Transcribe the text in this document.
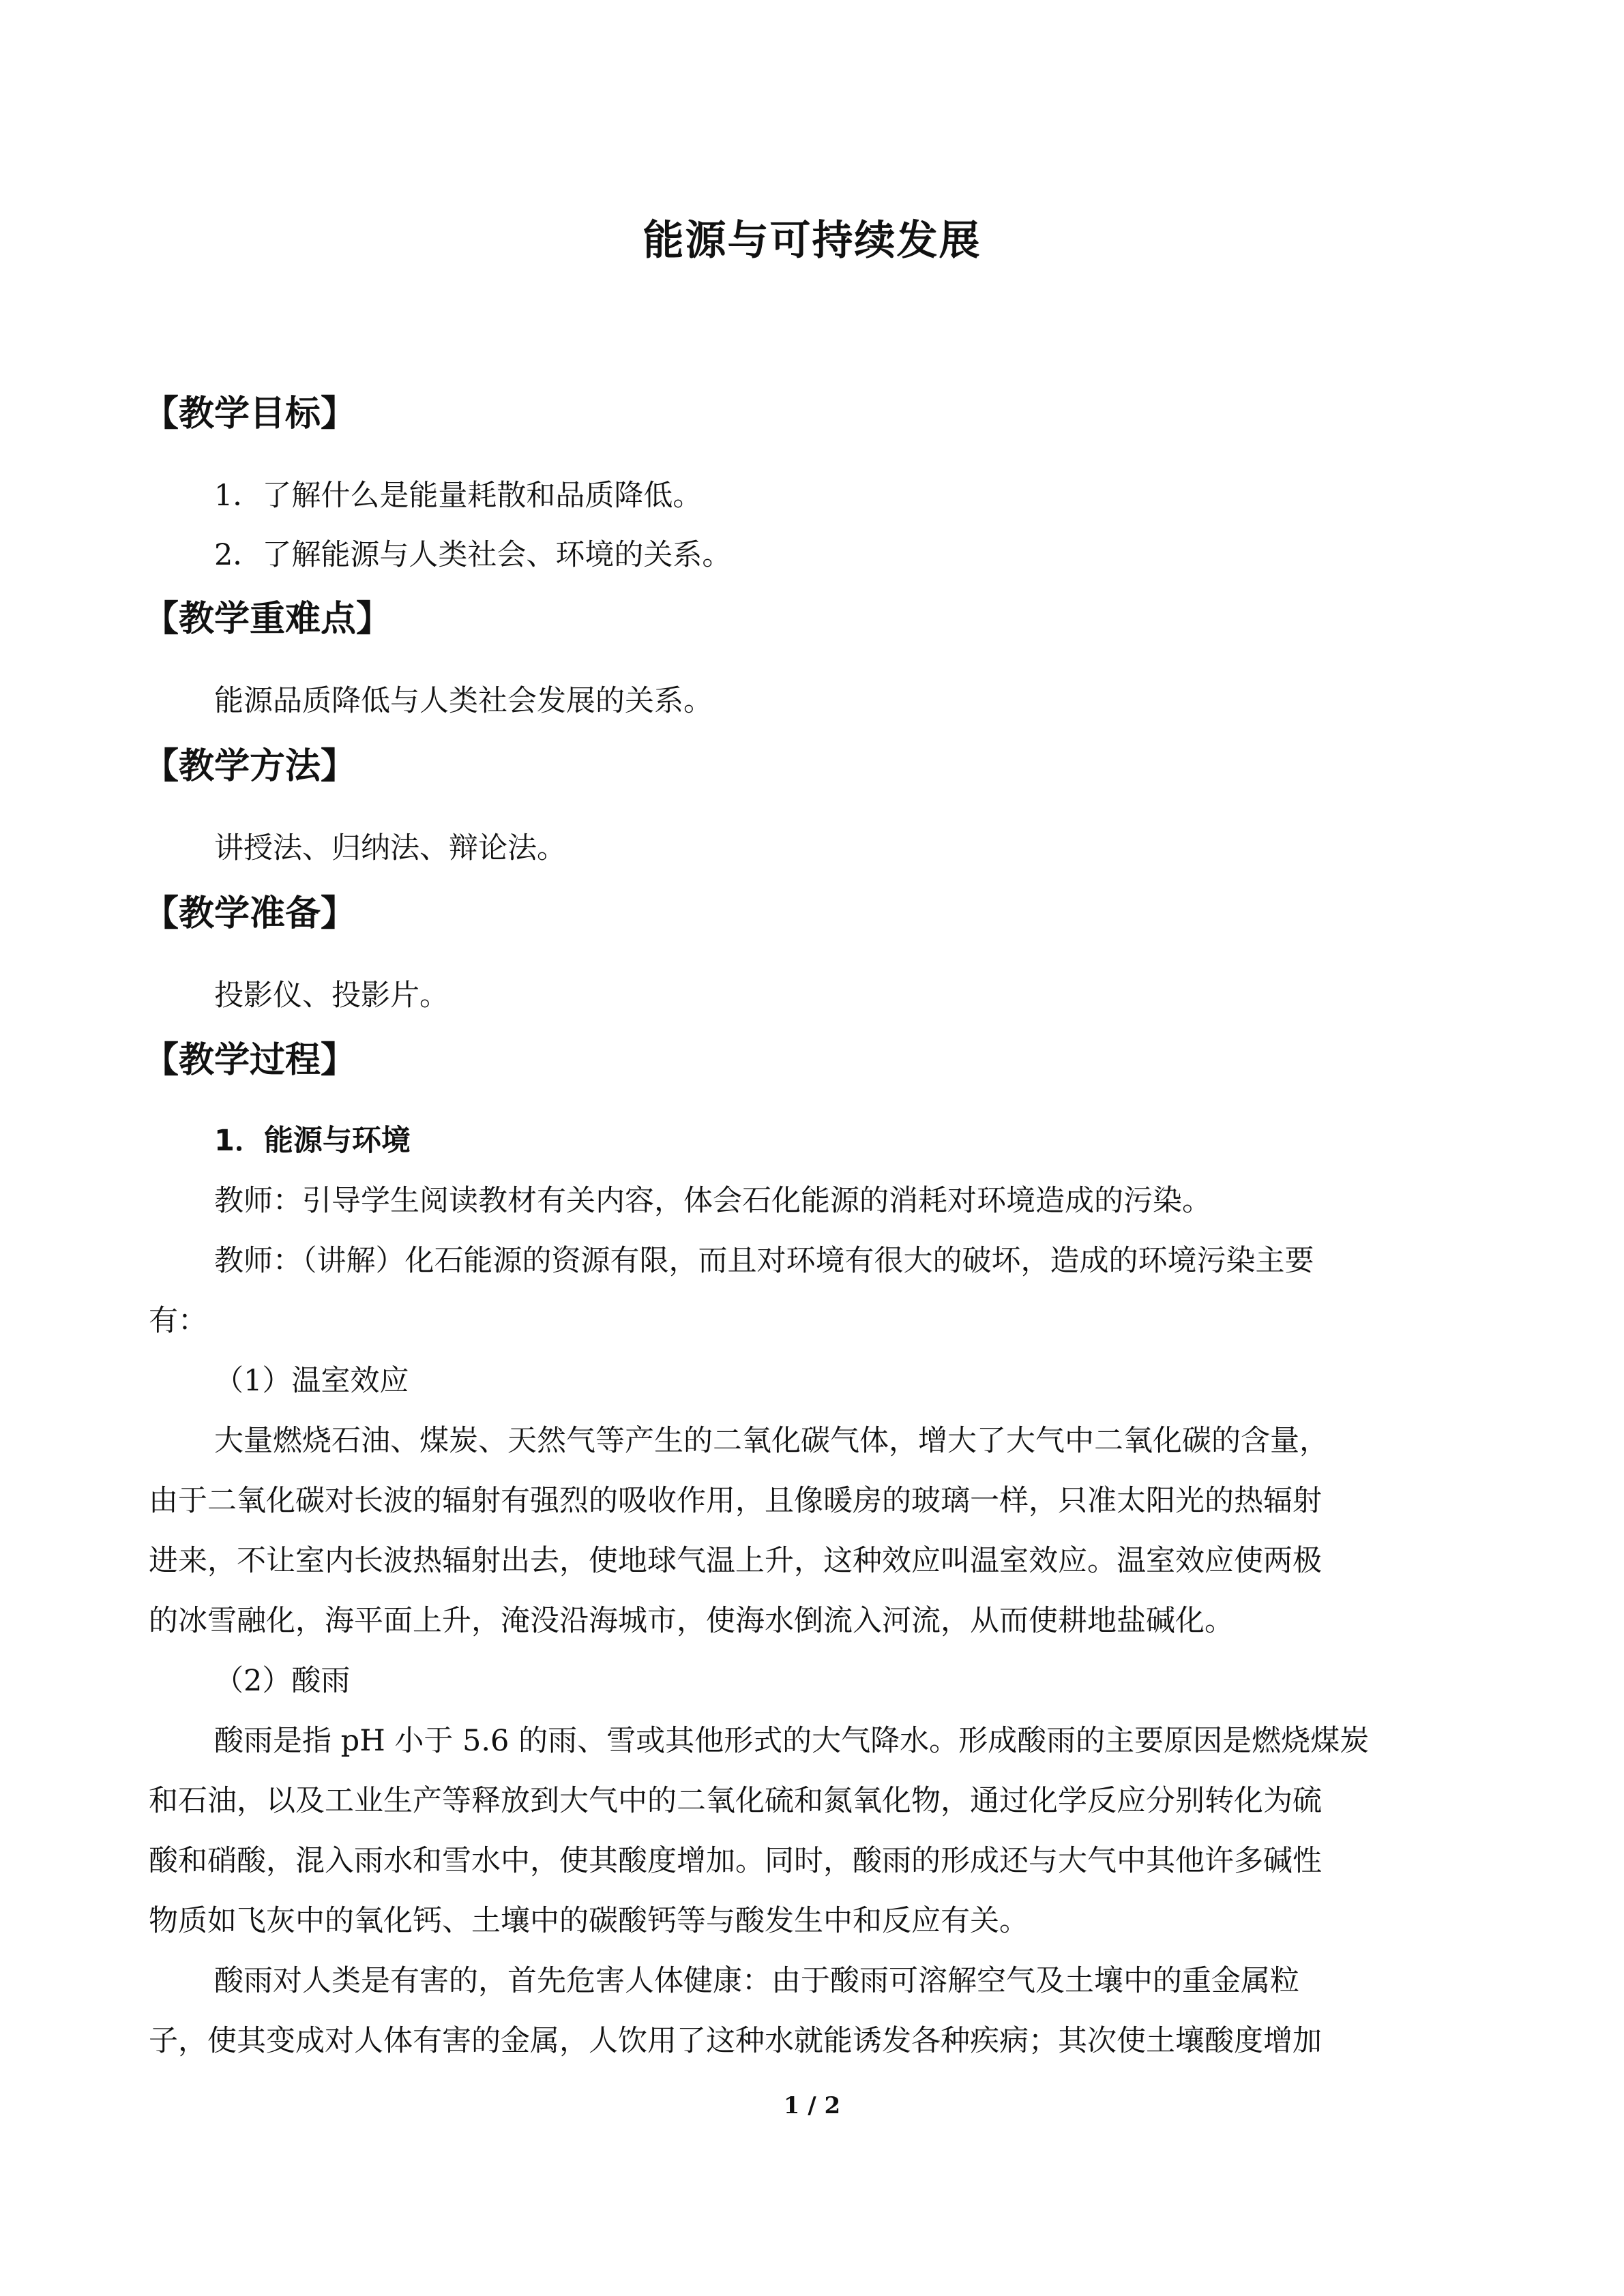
能源与可持续发展
【教学目标】
1．了解什么是能量耗散和品质降低。
2．了解能源与人类社会、环境的关系。
【教学重难点】
能源品质降低与人类社会发展的关系。
【教学方法】
讲授法、归纳法、辩论法。
【教学准备】
投影仪、投影片。
【教学过程】
1．能源与环境
教师：引导学生阅读教材有关内容，体会石化能源的消耗对环境造成的污染。
教师：（讲解）化石能源的资源有限，而且对环境有很大的破坏，造成的环境污染主要
有：
（1）温室效应
大量燃烧石油、煤炭、天然气等产生的二氧化碳气体，增大了大气中二氧化碳的含量，
由于二氧化碳对长波的辐射有强烈的吸收作用，且像暖房的玻璃一样，只准太阳光的热辐射
进来，不让室内长波热辐射出去，使地球气温上升，这种效应叫温室效应。温室效应使两极
的冰雪融化，海平面上升，淹没沿海城市，使海水倒流入河流，从而使耕地盐碱化。
（2）酸雨
酸雨是指 pH 小于 5.6 的雨、雪或其他形式的大气降水。形成酸雨的主要原因是燃烧煤炭
和石油，以及工业生产等释放到大气中的二氧化硫和氮氧化物，通过化学反应分别转化为硫
酸和硝酸，混入雨水和雪水中，使其酸度增加。同时，酸雨的形成还与大气中其他许多碱性
物质如飞灰中的氧化钙、土壤中的碳酸钙等与酸发生中和反应有关。
酸雨对人类是有害的，首先危害人体健康：由于酸雨可溶解空气及土壤中的重金属粒
子，使其变成对人体有害的金属，人饮用了这种水就能诱发各种疾病；其次使土壤酸度增加
1 / 2
